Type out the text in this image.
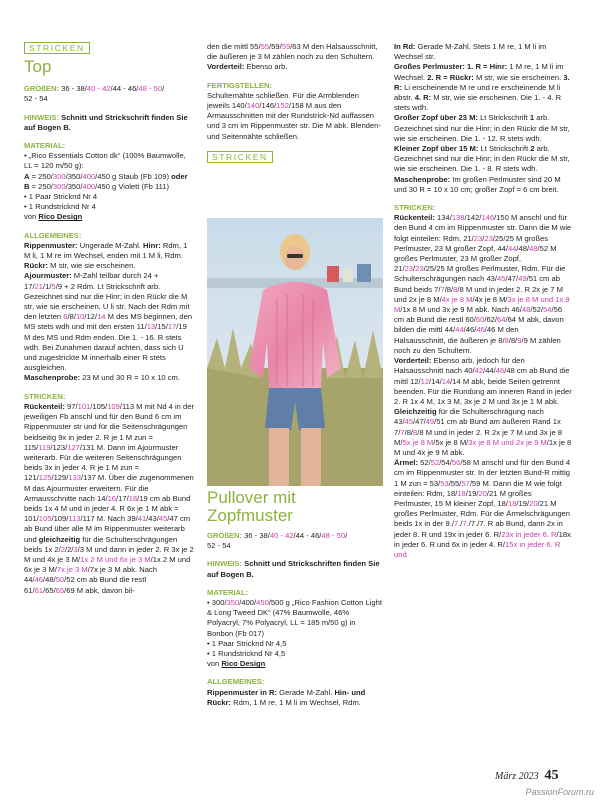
STRICKEN
Top

GRÖßEN: 36 - 38/40 - 42/44 - 46/48 - 50/
52 - 54

HINWEIS: Schnitt und Strickschrift finden Sie auf Bogen B.

MATERIAL:

• „Rico Essentials Cotton dk“ (100% Baumwolle, LL = 120 m/50 g):
A = 250/300/350/400/450 g Staub (Fb 109) oder
B = 250/300/350/400/450 g Violett (Fb 111)
• 1 Paar Stricknd Nr 4
• 1 Rundstricknd Nr 4
von Rico Design

ALLGEMEINES:

Rippenmuster: Ungerade M-Zahl. Hinr: Rdm, 1 M li, 1 M re im Wechsel, enden mit 1 M li, Rdm. Rückr: M str, wie sie erscheinen.

Ajourmuster: M-Zahl teilbar durch 24 + 17/21/1/5/9 + 2 Rdm. Lt Strickschrift arb. Gezeichnet sind nur die Hinr; in den Rückr die M str, wie sie erscheinen, U li str. Nach der Rdm mit den letzten 6/8/10/12/14 M des MS beginnen, den MS stets wdh und mit den ersten 11/13/15/17/19 M des MS und Rdm enden. Die 1. - 16. R stets wdh. Bei Zunahmen darauf achten, dass sich U und zugestrickte M innerhalb einer R stets ausgleichen.

Maschenprobe: 23 M und 30 R = 10 x 10 cm.

STRICKEN:

Rückenteil: 97/101/105/109/113 M mit Nd 4 in der jeweiligen Fb anschl und für den Bund 6 cm im Rippenmuster str und für die Seitenschrägungen beidseitig 9x in jeder 2. R je 1 M zun = 115/119/123/127/131 M. Dann im Ajourmuster weiterarb. Für die weiteren Seitenschrägungen beids 3x in jeder 4. R je 1 M zun = 121/125/129/133/137 M. Über die zugenommenen M das Ajourmuster erweitern. Für die Armausschnitte nach 14/16/17/18/19 cm ab Bund beids 1x 4 M und in jeder 4. R 6x je 1 M abk = 101/105/109/113/117 M. Nach 39/41/43/45/47 cm ab Bund über alle M im Rippenmuster weiterarb und gleichzeitig für die Schulterschrägungen beids 1x 2/2/2/3/3 M und dann in jeder 2. R 3x je 2 M und 4x je 3 M/1x 2 M und 6x je 3 M/1x 2 M und 6x je 3 M/7x je 3 M/7x je 3 M abk. Nach 44/46/48/50/52 cm ab Bund die restl 61/61/65/65/69 M abk, davon bil-

den die mittl 55/55/59/59/63 M den Halsausschnitt, die äußeren je 3 M zählen noch zu den Schultern.

Vorderteil: Ebenso arb.

FERTIGSTELLEN:

Schulternähte schließen. Für die Armblenden jeweils 140/140/146/152/158 M aus den Armausschnitten mit der Rundstrick-Nd auffassen und 3 cm im Rippenmuster str. Die M abk. Blenden- und Seitennähte schließen.

STRICKEN
Pullover mit
Zopfmuster

GRÖßEN: 36 - 38/40 - 42/44 - 46/48 - 50/
52 - 54

HINWEIS: Schnitt und Strickschriften finden Sie auf Bogen B.

MATERIAL:

• 300/350/400/450/500 g „Rico Fashion Cotton Light & Long Tweed DK“ (47% Baumwolle, 46% Polyacryl, 7% Polyacryl, LL = 185 m/50 g) in Bonbon (Fb 017)
• 1 Paar Stricknd Nr 4,5
• 1 Rundstricknd Nr 4,5
von Rico Design

ALLGEMEINES:

Rippenmuster in R: Gerade M-Zahl. Hin- und Rückr: Rdm, 1 M re, 1 M li im Wechsel, Rdm.

In Rd: Gerade M-Zahl. Stets 1 M re, 1 M li im Wechsel str.

Großes Perlmuster: 1. R = Hinr: 1 M re, 1 M li im Wechsel. 2. R = Rückr: M str, wie sie erscheinen. 3. R: Li erscheinende M re und re erscheinende M li abstr. 4. R: M str, wie sie erscheinen. Die 1. - 4. R stets wdh.

Großer Zopf über 23 M: Lt Strickschrift 1 arb. Gezeichnet sind nur die Hinr; in den Rückr die M str, wie sie erscheinen. Die 1. - 12. R stets wdh.

Kleiner Zopf über 15 M: Lt Strickschrift 2 arb. Gezeichnet sind nur die Hinr; in den Rückr die M str, wie sie erscheinen. Die 1. - 8. R stets wdh.

Maschenprobe: Im großen Perlmuster sind 20 M und 30 R = 10 x 10 cm; großer Zopf = 6 cm breit.

STRICKEN:

Rückenteil: 134/138/142/146/150 M anschl und für den Bund 4 cm im Rippenmuster str. Dann die M wie folgt einteilen: Rdm, 21/23/23/25/25 M großes Perlmuster, 23 M großer Zopf, 44/44/48/48/52 M großes Perlmuster, 23 M großer Zopf, 21/23/23/25/25 M großes Perlmuster, Rdm. Für die Schulterschrägungen nach 43/45/47/49/51 cm ab Bund beids 7/7/8/8/8 M und in jeder 2. R 2x je 7 M und 2x je 8 M/4x je 8 M/4x je 8 M/3x je 8 M und 1x 9 M/1x 8 M und 3x je 9 M abk. Nach 46/48/52/54/56 cm ab Bund die restl 60/60/62/64/64 M abk, davon bilden die mittl 44/44/46/46/46 M den Halsausschnitt, die äußeren je 8/8/8/9/9 M zählen noch zu den Schultern.

Vorderteil: Ebenso arb, jedoch für den Halsausschnitt nach 40/42/44/46/48 cm ab Bund die mittl 12/12/14/14/14 M abk, beide Seiten getrennt beenden. Für die Rundung am inneren Rand in jeder 2. R 1x 4 M, 1x 3 M, 3x je 2 M und 3x je 1 M abk. Gleichzeitig für die Schulterschrägung nach 43/45/47/49/51 cm ab Bund am äußeren Rand 1x 7/7/8/8/8 M und in jeder 2. R 2x je 7 M und 3x je 8 M/5x je 8 M/5x je 8 M/3x je 8 M und 2x je 9 M/1x je 8 M und 4x je 9 M abk.

Ärmel: 52/52/54/56/58 M anschl und für den Bund 4 cm im Rippenmuster str. In der letzten Bund-R mittig 1 M zun = 53/53/55/57/59 M. Dann die M wie folgt einteilen: Rdm, 18/18/19/20/21 M großes Perlmuster, 15 M kleiner Zopf, 18/18/19/20/21 M großes Perlmuster, Rdm. Für die Ärmelschrägungen beids 1x in der 9./7./7./7./7. R ab Bund, dann 2x in jeder 8. R und 19x in jeder 6. R/23x in jeder 6. R/18x in jeder 6. R und 6x in jeder 4. R/15x in jeder 6. R und

März 2023 45
PassionForum.ru
